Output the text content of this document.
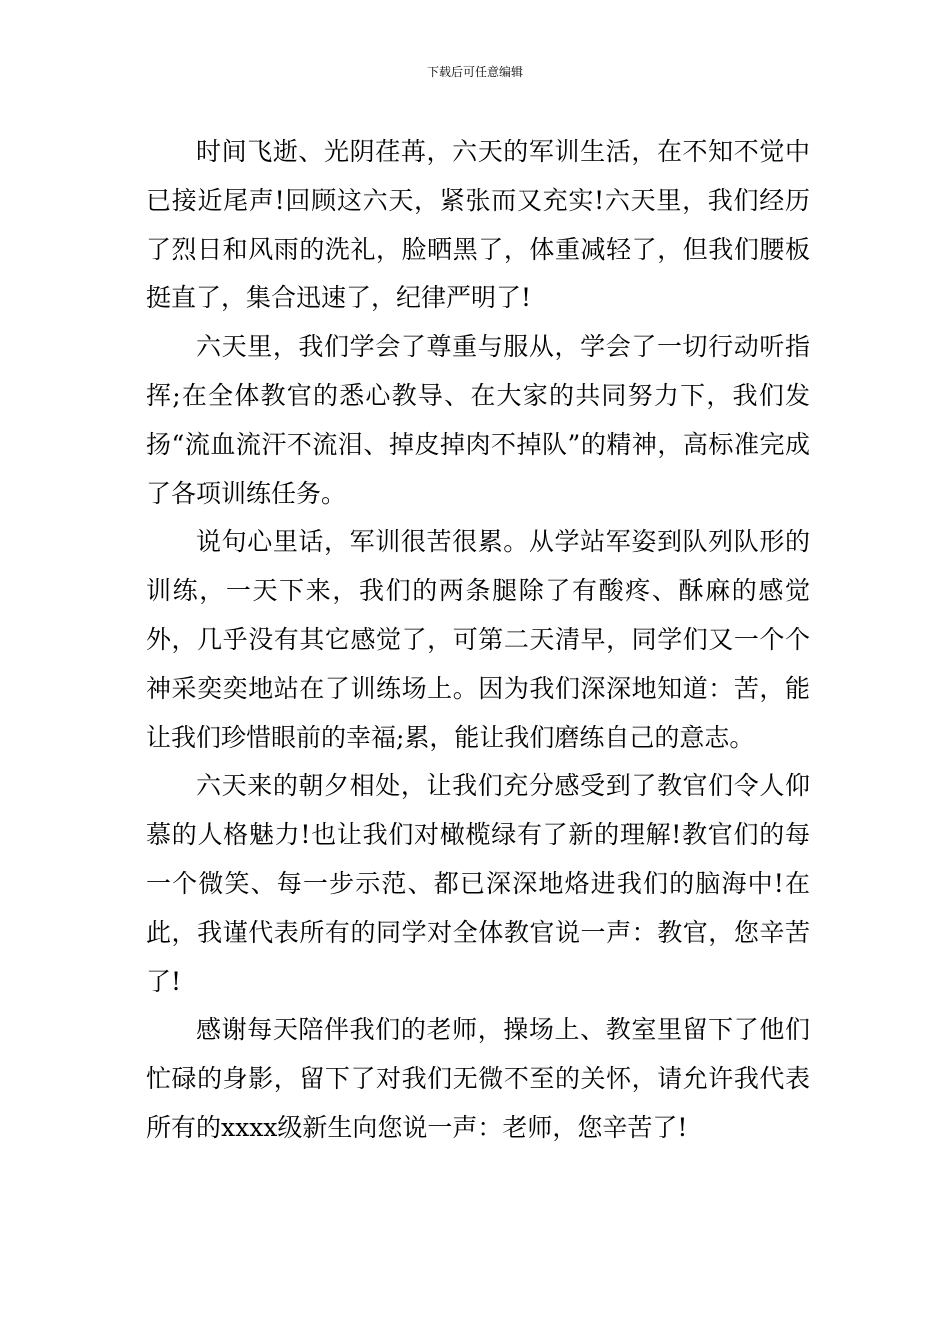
下载后可任意编辑

时间飞逝、光阴荏苒，六天的军训生活，在不知不觉中已接近尾声!回顾这六天，紧张而又充实!六天里，我们经历了烈日和风雨的洗礼，脸晒黑了，体重减轻了，但我们腰板挺直了，集合迅速了，纪律严明了!

六天里，我们学会了尊重与服从，学会了一切行动听指挥;在全体教官的悉心教导、在大家的共同努力下，我们发扬“流血流汗不流泪、掉皮掉肉不掉队”的精神，高标准完成了各项训练任务。

说句心里话，军训很苦很累。从学站军姿到队列队形的训练，一天下来，我们的两条腿除了有酸疼、酥麻的感觉外，几乎没有其它感觉了，可第二天清早，同学们又一个个神采奕奕地站在了训练场上。因为我们深深地知道：苦，能让我们珍惜眼前的幸福;累，能让我们磨练自己的意志。

六天来的朝夕相处，让我们充分感受到了教官们令人仰慕的人格魅力!也让我们对橄榄绿有了新的理解!教官们的每一个微笑、每一步示范、都已深深地烙进我们的脑海中!在此，我谨代表所有的同学对全体教官说一声：教官，您辛苦了!

感谢每天陪伴我们的老师，操场上、教室里留下了他们忙碌的身影，留下了对我们无微不至的关怀，请允许我代表所有的xxxx级新生向您说一声：老师，您辛苦了!
